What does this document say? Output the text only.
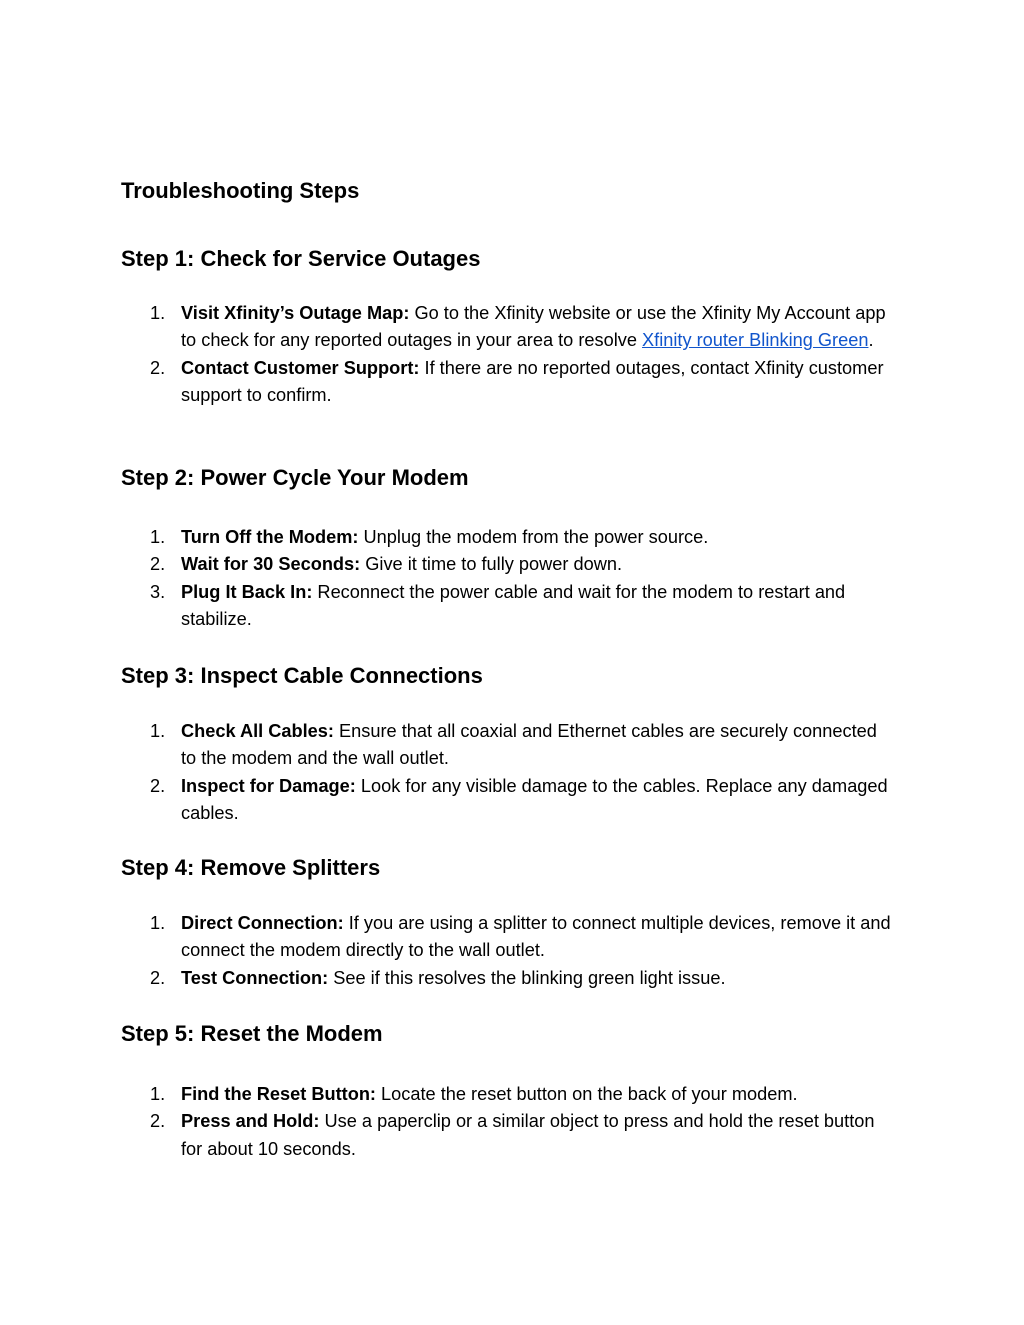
Troubleshooting Steps
Step 1: Check for Service Outages
1. Visit Xfinity’s Outage Map: Go to the Xfinity website or use the Xfinity My Account app to check for any reported outages in your area to resolve Xfinity router Blinking Green.
2. Contact Customer Support: If there are no reported outages, contact Xfinity customer support to confirm.
Step 2: Power Cycle Your Modem
1. Turn Off the Modem: Unplug the modem from the power source.
2. Wait for 30 Seconds: Give it time to fully power down.
3. Plug It Back In: Reconnect the power cable and wait for the modem to restart and stabilize.
Step 3: Inspect Cable Connections
1. Check All Cables: Ensure that all coaxial and Ethernet cables are securely connected to the modem and the wall outlet.
2. Inspect for Damage: Look for any visible damage to the cables. Replace any damaged cables.
Step 4: Remove Splitters
1. Direct Connection: If you are using a splitter to connect multiple devices, remove it and connect the modem directly to the wall outlet.
2. Test Connection: See if this resolves the blinking green light issue.
Step 5: Reset the Modem
1. Find the Reset Button: Locate the reset button on the back of your modem.
2. Press and Hold: Use a paperclip or a similar object to press and hold the reset button for about 10 seconds.
